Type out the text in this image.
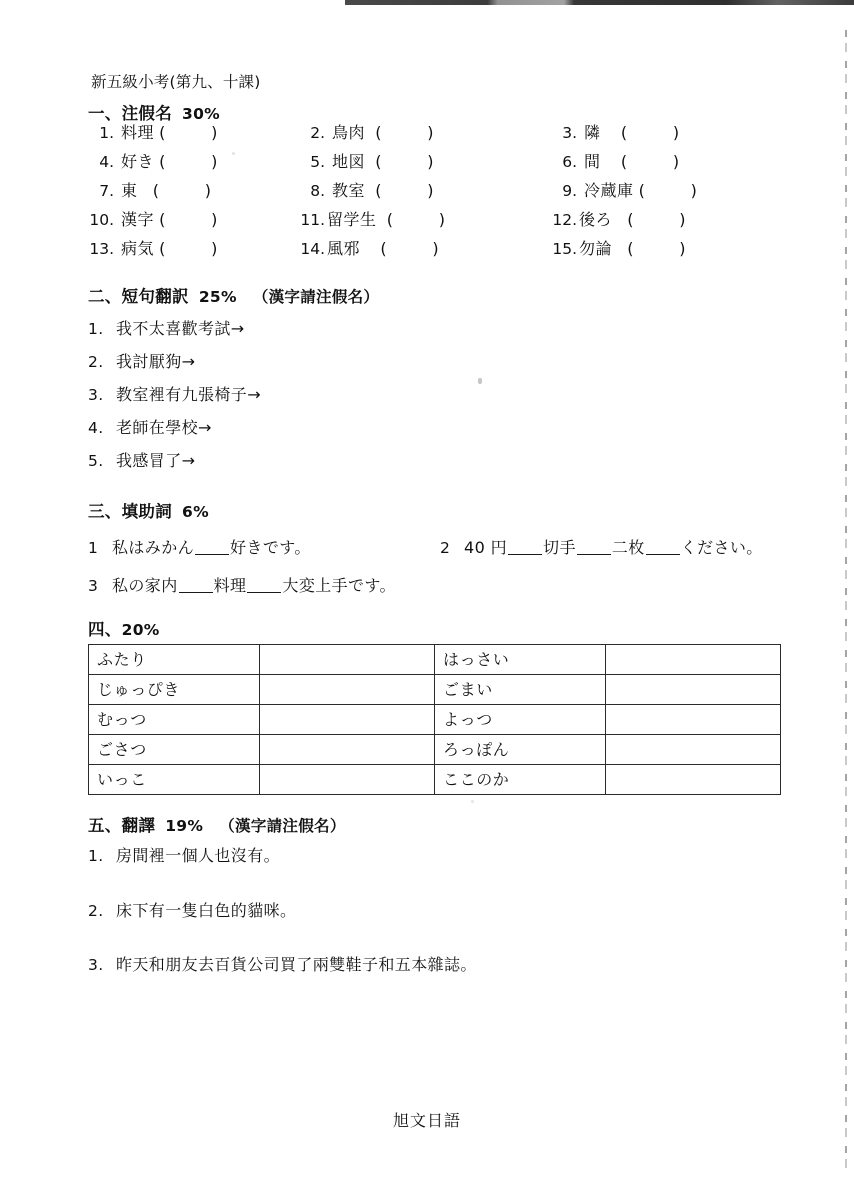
新五級小考(第九、十課)
一、注假名 30%
1. 料理 (         )	2. 鳥肉 (         )	3. 隣 (         )
4. 好き (         )	5. 地図 (         )	6. 間 (         )
7. 東 (         )	8. 教室 (         )	9. 冷蔵庫 (         )
10. 漢字 (         )	11. 留学生 (         )	12. 後ろ (         )
13. 病気 (         )	14. 風邪 (         )	15. 勿論 (         )
二、短句翻訳 25% （漢字請注假名）
1. 我不太喜歡考試→
2. 我討厭狗→
3. 教室裡有九張椅子→
4. 老師在學校→
5. 我感冒了→
三、填助詞 6%
1 私はみかん 好きです。	2 40 円 切手 二枚 ください。
3 私の家内 料理 大変上手です。
四、20%
ふたり		はっさい	
じゅっぴき		ごまい	
むっつ		よっつ	
ごさつ		ろっぽん	
いっこ		ここのか	
五、翻譯 19% （漢字請注假名）
1. 房間裡一個人也沒有。
2. 床下有一隻白色的貓咪。
3. 昨天和朋友去百貨公司買了兩雙鞋子和五本雜誌。
旭文日語
